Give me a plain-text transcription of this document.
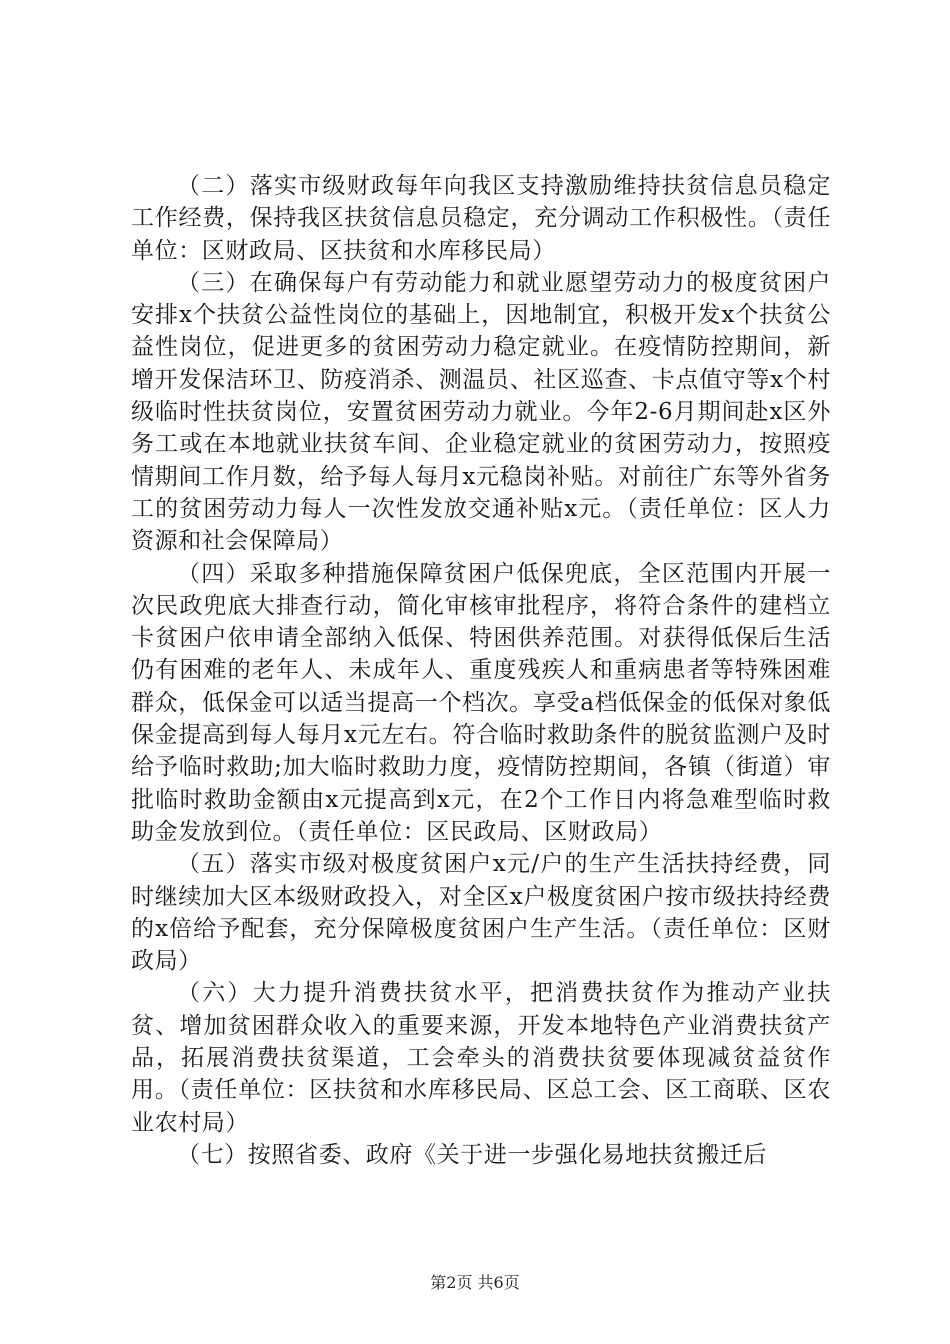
（二）落实市级财政每年向我区支持激励维持扶贫信息员稳定工作经费，保持我区扶贫信息员稳定，充分调动工作积极性。（责任单位：区财政局、区扶贫和水库移民局）

（三）在确保每户有劳动能力和就业愿望劳动力的极度贫困户安排x个扶贫公益性岗位的基础上，因地制宜，积极开发x个扶贫公益性岗位，促进更多的贫困劳动力稳定就业。在疫情防控期间，新增开发保洁环卫、防疫消杀、测温员、社区巡查、卡点值守等x个村级临时性扶贫岗位，安置贫困劳动力就业。今年2-6月期间赴x区外务工或在本地就业扶贫车间、企业稳定就业的贫困劳动力，按照疫情期间工作月数，给予每人每月x元稳岗补贴。对前往广东等外省务工的贫困劳动力每人一次性发放交通补贴x元。（责任单位：区人力资源和社会保障局）

（四）采取多种措施保障贫困户低保兜底，全区范围内开展一次民政兜底大排查行动，简化审核审批程序，将符合条件的建档立卡贫困户依申请全部纳入低保、特困供养范围。对获得低保后生活仍有困难的老年人、未成年人、重度残疾人和重病患者等特殊困难群众，低保金可以适当提高一个档次。享受a档低保金的低保对象低保金提高到每人每月x元左右。符合临时救助条件的脱贫监测户及时给予临时救助;加大临时救助力度，疫情防控期间，各镇（街道）审批临时救助金额由x元提高到x元，在2个工作日内将急难型临时救助金发放到位。（责任单位：区民政局、区财政局）

（五）落实市级对极度贫困户x元/户的生产生活扶持经费，同时继续加大区本级财政投入，对全区x户极度贫困户按市级扶持经费的x倍给予配套，充分保障极度贫困户生产生活。（责任单位：区财政局）

（六）大力提升消费扶贫水平，把消费扶贫作为推动产业扶贫、增加贫困群众收入的重要来源，开发本地特色产业消费扶贫产品，拓展消费扶贫渠道，工会牵头的消费扶贫要体现减贫益贫作用。（责任单位：区扶贫和水库移民局、区总工会、区工商联、区农业农村局）

（七）按照省委、政府《关于进一步强化易地扶贫搬迁后

第2页 共6页
